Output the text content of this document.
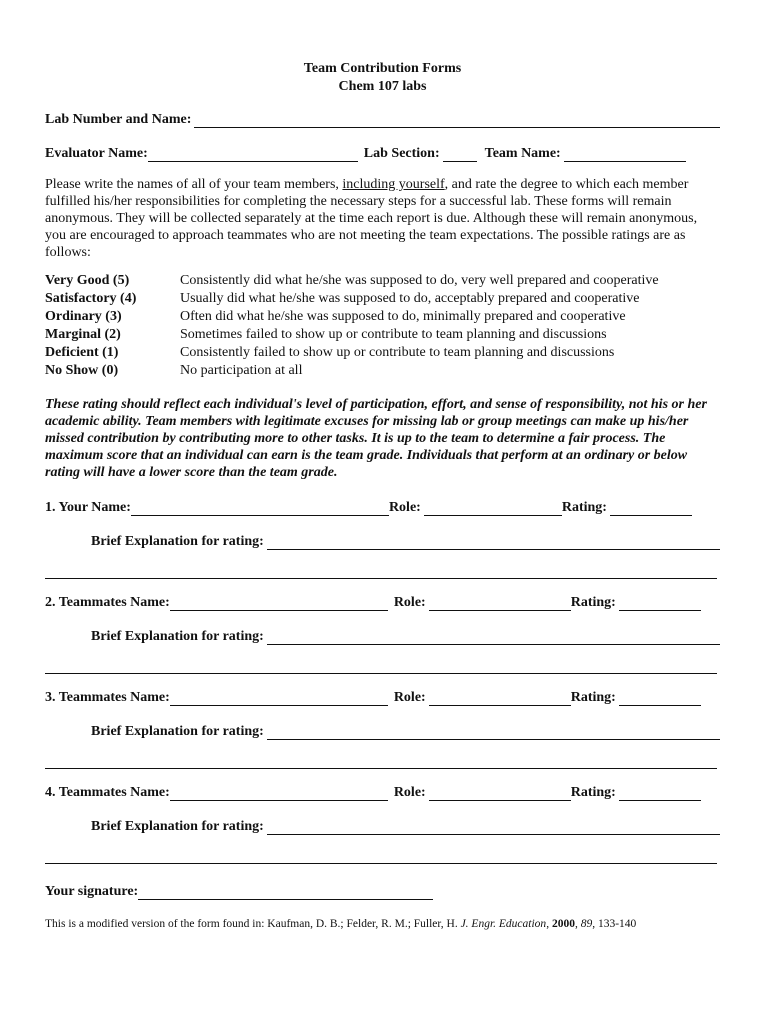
Team Contribution Forms
Chem 107 labs
Lab Number and Name:
Evaluator Name:	Lab Section:	Team Name:

Please write the names of all of your team members, including yourself, and rate the degree to which each member fulfilled his/her responsibilities for completing the necessary steps for a successful lab. These forms will remain anonymous. They will be collected separately at the time each report is due. Although these will remain anonymous, you are encouraged to approach teammates who are not meeting the team expectations. The possible ratings are as follows:

Very Good (5)	Consistently did what he/she was supposed to do, very well prepared and cooperative
Satisfactory (4)	Usually did what he/she was supposed to do, acceptably prepared and cooperative
Ordinary (3)	Often did what he/she was supposed to do, minimally prepared and cooperative
Marginal (2)	Sometimes failed to show up or contribute to team planning and discussions
Deficient (1)	Consistently failed to show up or contribute to team planning and discussions
No Show (0)	No participation at all

These rating should reflect each individual's level of participation, effort, and sense of responsibility, not his or her academic ability. Team members with legitimate excuses for missing lab or group meetings can make up his/her missed contribution by contributing more to other tasks. It is up to the team to determine a fair process. The maximum score that an individual can earn is the team grade. Individuals that perform at an ordinary or below rating will have a lower score than the team grade.

1. Your Name:	Role:	Rating:
Brief Explanation for rating:
2. Teammates Name:	Role:	Rating:
Brief Explanation for rating:
3. Teammates Name:	Role:	Rating:
Brief Explanation for rating:
4. Teammates Name:	Role:	Rating:
Brief Explanation for rating:
Your signature:
This is a modified version of the form found in: Kaufman, D. B.; Felder, R. M.; Fuller, H. J. Engr. Education, 2000, 89, 133-140
